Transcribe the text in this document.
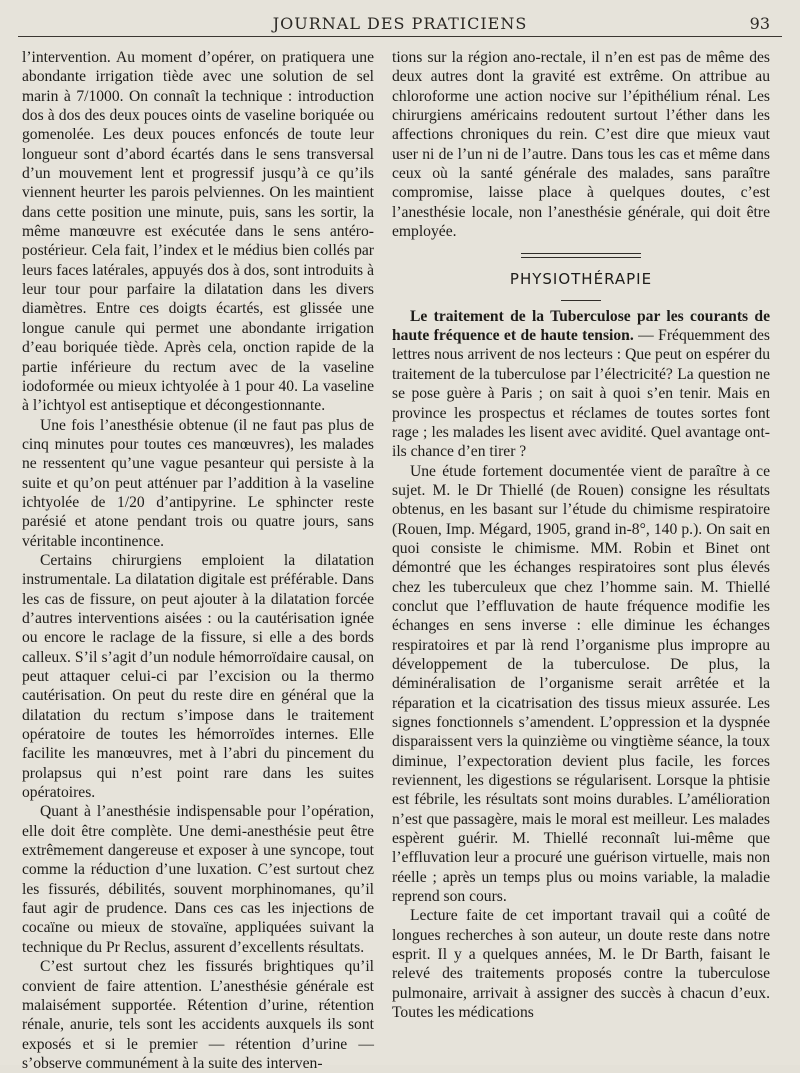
JOURNAL DES PRATICIENS	93

l’intervention. Au moment d’opérer, on pratiquera une abondante irrigation tiède avec une solution de sel marin à 7/1000. On connaît la technique : introduction dos à dos des deux pouces oints de vaseline boriquée ou gomenolée. Les deux pouces enfoncés de toute leur longueur sont d’abord écartés dans le sens transversal d’un mouvement lent et progressif jusqu’à ce qu’ils viennent heurter les parois pelviennes. On les maintient dans cette position une minute, puis, sans les sortir, la même manœuvre est exécutée dans le sens antéro-postérieur. Cela fait, l’index et le médius bien collés par leurs faces latérales, appuyés dos à dos, sont introduits à leur tour pour parfaire la dilatation dans les divers diamètres. Entre ces doigts écartés, est glissée une longue canule qui permet une abondante irrigation d’eau boriquée tiède. Après cela, onction rapide de la partie inférieure du rectum avec de la vaseline iodoformée ou mieux ichtyolée à 1 pour 40. La vaseline à l’ichtyol est antiseptique et décongestionnante.

Une fois l’anesthésie obtenue (il ne faut pas plus de cinq minutes pour toutes ces manœuvres), les malades ne ressentent qu’une vague pesanteur qui persiste à la suite et qu’on peut atténuer par l’addition à la vaseline ichtyolée de 1/20 d’antipyrine. Le sphincter reste parésié et atone pendant trois ou quatre jours, sans véritable incontinence.

Certains chirurgiens emploient la dilatation instrumentale. La dilatation digitale est préférable. Dans les cas de fissure, on peut ajouter à la dilatation forcée d’autres interventions aisées : ou la cautérisation ignée ou encore le raclage de la fissure, si elle a des bords calleux. S’il s’agit d’un nodule hémorroïdaire causal, on peut attaquer celui-ci par l’excision ou la thermo cautérisation. On peut du reste dire en général que la dilatation du rectum s’impose dans le traitement opératoire de toutes les hémorroïdes internes. Elle facilite les manœuvres, met à l’abri du pincement du prolapsus qui n’est point rare dans les suites opératoires.

Quant à l’anesthésie indispensable pour l’opération, elle doit être complète. Une demi-anesthésie peut être extrêmement dangereuse et exposer à une syncope, tout comme la réduction d’une luxation. C’est surtout chez les fissurés, débilités, souvent morphinomanes, qu’il faut agir de prudence. Dans ces cas les injections de cocaïne ou mieux de stovaïne, appliquées suivant la technique du Pr Reclus, assurent d’excellents résultats.

C’est surtout chez les fissurés brightiques qu’il convient de faire attention. L’anesthésie générale est malaisément supportée. Rétention d’urine, rétention rénale, anurie, tels sont les accidents auxquels ils sont exposés et si le premier — rétention d’urine — s’observe communément à la suite des interven-

tions sur la région ano-rectale, il n’en est pas de même des deux autres dont la gravité est extrême. On attribue au chloroforme une action nocive sur l’épithélium rénal. Les chirurgiens américains redoutent surtout l’éther dans les affections chroniques du rein. C’est dire que mieux vaut user ni de l’un ni de l’autre. Dans tous les cas et même dans ceux où la santé générale des malades, sans paraître compromise, laisse place à quelques doutes, c’est l’anesthésie locale, non l’anesthésie générale, qui doit être employée.

PHYSIOTHÉRAPIE

Le traitement de la Tuberculose par les courants de haute fréquence et de haute tension. — Fréquemment des lettres nous arrivent de nos lecteurs : Que peut on espérer du traitement de la tuberculose par l’électricité? La question ne se pose guère à Paris ; on sait à quoi s’en tenir. Mais en province les prospectus et réclames de toutes sortes font rage ; les malades les lisent avec avidité. Quel avantage ont-ils chance d’en tirer ?

Une étude fortement documentée vient de paraître à ce sujet. M. le Dr Thiellé (de Rouen) consigne les résultats obtenus, en les basant sur l’étude du chimisme respiratoire (Rouen, Imp. Mégard, 1905, grand in-8°, 140 p.). On sait en quoi consiste le chimisme. MM. Robin et Binet ont démontré que les échanges respiratoires sont plus élevés chez les tuberculeux que chez l’homme sain. M. Thiellé conclut que l’effluvation de haute fréquence modifie les échanges en sens inverse : elle diminue les échanges respiratoires et par là rend l’organisme plus impropre au développement de la tuberculose. De plus, la déminéralisation de l’organisme serait arrêtée et la réparation et la cicatrisation des tissus mieux assurée. Les signes fonctionnels s’amendent. L’oppression et la dyspnée disparaissent vers la quinzième ou vingtième séance, la toux diminue, l’expectoration devient plus facile, les forces reviennent, les digestions se régularisent. Lorsque la phtisie est fébrile, les résultats sont moins durables. L’amélioration n’est que passagère, mais le moral est meilleur. Les malades espèrent guérir. M. Thiellé reconnaît lui-même que l’effluvation leur a procuré une guérison virtuelle, mais non réelle ; après un temps plus ou moins variable, la maladie reprend son cours.

Lecture faite de cet important travail qui a coûté de longues recherches à son auteur, un doute reste dans notre esprit. Il y a quelques années, M. le Dr Barth, faisant le relevé des traitements proposés contre la tuberculose pulmonaire, arrivait à assigner des succès à chacun d’eux. Toutes les médications
